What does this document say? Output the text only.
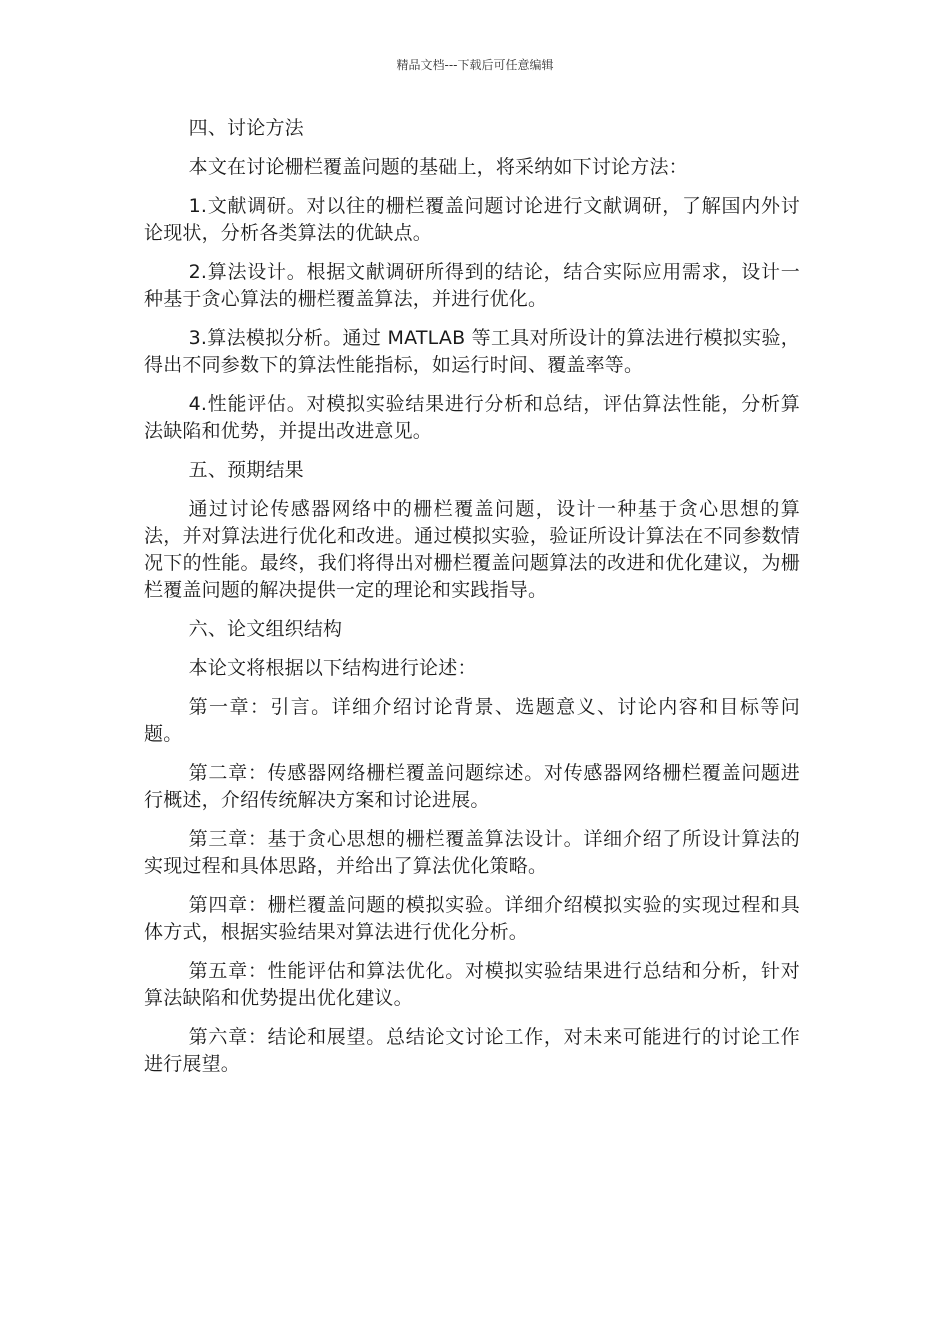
精品文档---下载后可任意编辑

四、讨论方法

本文在讨论栅栏覆盖问题的基础上，将采纳如下讨论方法：

1.文献调研。对以往的栅栏覆盖问题讨论进行文献调研，了解国内外讨论现状，分析各类算法的优缺点。

2.算法设计。根据文献调研所得到的结论，结合实际应用需求，设计一种基于贪心算法的栅栏覆盖算法，并进行优化。

3.算法模拟分析。通过 MATLAB 等工具对所设计的算法进行模拟实验，得出不同参数下的算法性能指标，如运行时间、覆盖率等。

4.性能评估。对模拟实验结果进行分析和总结，评估算法性能，分析算法缺陷和优势，并提出改进意见。

五、预期结果

通过讨论传感器网络中的栅栏覆盖问题，设计一种基于贪心思想的算法，并对算法进行优化和改进。通过模拟实验，验证所设计算法在不同参数情况下的性能。最终，我们将得出对栅栏覆盖问题算法的改进和优化建议，为栅栏覆盖问题的解决提供一定的理论和实践指导。

六、论文组织结构

本论文将根据以下结构进行论述：

第一章：引言。详细介绍讨论背景、选题意义、讨论内容和目标等问题。

第二章：传感器网络栅栏覆盖问题综述。对传感器网络栅栏覆盖问题进行概述，介绍传统解决方案和讨论进展。

第三章：基于贪心思想的栅栏覆盖算法设计。详细介绍了所设计算法的实现过程和具体思路，并给出了算法优化策略。

第四章：栅栏覆盖问题的模拟实验。详细介绍模拟实验的实现过程和具体方式，根据实验结果对算法进行优化分析。

第五章：性能评估和算法优化。对模拟实验结果进行总结和分析，针对算法缺陷和优势提出优化建议。

第六章：结论和展望。总结论文讨论工作，对未来可能进行的讨论工作进行展望。
